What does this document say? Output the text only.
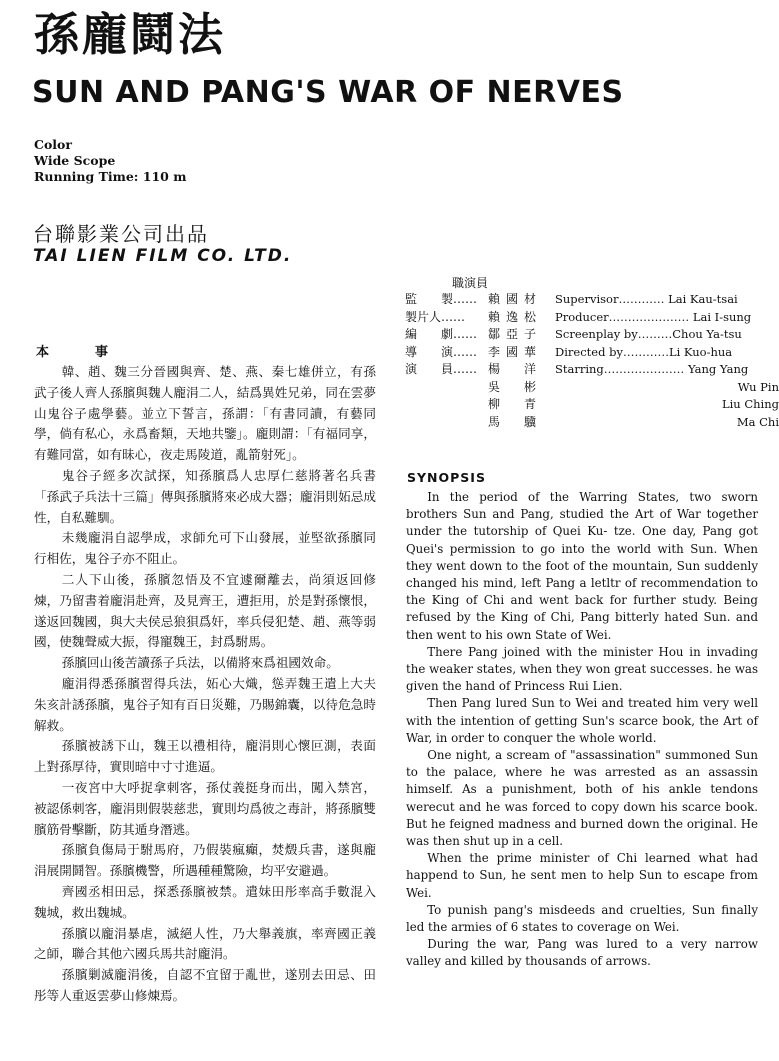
孫龐鬪法
SUN AND PANG'S WAR OF NERVES
Color
Wide Scope
Running Time: 110 m
台聯影業公司出品
TAI LIEN FILM CO. LTD.
職演員
監　　製…… 賴國材 Supervisor………… Lai Kau-tsai
製片人…… 賴逸松 Producer………………… Lai I-sung
編　　劇…… 鄒亞子 Screenplay by………Chou Ya-tsu
導　　演…… 李國華 Directed by…………Li Kuo-hua
演　　員…… 楊　洋 Starring………………… Yang Yang
吳　彬	Wu Pin
柳　青	Liu Ching
馬　驥	Ma Chi
本	事

韓、趙、魏三分晉國與齊、楚、燕、秦七雄併立，有孫武子後人齊人孫臏與魏人龐涓二人，結爲異姓兄弟，同在雲夢山鬼谷子處學藝。並立下誓言，孫謂：「有書同讀，有藝同學，倘有私心，永爲畜類，天地共鑒」。龐則謂：「有福同享，有難同當，如有昧心，夜走馬陵道，亂箭射死」。

鬼谷子經多次試探，知孫臏爲人忠厚仁慈將著名兵書「孫武子兵法十三篇」傳與孫臏將來必成大器；龐涓則妬忌成性，自私難馴。

未幾龐涓自認學成，求師允可下山發展，並堅欲孫臏同行相佐，鬼谷子亦不阻止。

二人下山後，孫臏忽悟及不宜遽爾離去，尚須返回修煉，乃留書着龐涓赴齊，及見齊王，遭拒用，於是對孫懷恨，遂返回魏國，與大夫侯忌狼狽爲奸，率兵侵犯楚、趙、燕等弱國，使魏聲威大振，得寵魏王，封爲駙馬。

孫臏回山後苦讀孫子兵法，以備將來爲祖國效命。

龐涓得悉孫臏習得兵法，妬心大熾，慫弄魏王遣上大夫朱亥計誘孫臏，鬼谷子知有百日災難，乃賜錦囊，以待危急時解救。

孫臏被誘下山，魏王以禮相待，龐涓則心懷叵測，表面上對孫厚待，實則暗中寸寸進逼。

一夜宮中大呼捉拿刺客，孫仗義挺身而出，闖入禁宮，被認係刺客，龐涓則假裝慈悲，實則均爲彼之毒計，將孫臏雙臏筋骨擊斷，防其遁身潛逃。

孫臏負傷局于駙馬府，乃假裝瘋癲，焚燬兵書，遂與龐涓展開鬪智。孫臏機警，所遇種種驚險，均平安避過。

齊國丞相田忌，探悉孫臏被禁。遣妹田彤率高手數混入魏城，救出魏城。

孫臏以龐涓暴虐，滅絕人性，乃大舉義旗，率齊國正義之師，聯合其他六國兵馬共討龐涓。

孫臏剿滅龐涓後，自認不宜留于亂世，遂別去田忌、田彤等人重返雲夢山修煉焉。

SYNOPSIS

In the period of the Warring States, two sworn brothers Sun and Pang, studied the Art of War together under the tutorship of Quei Ku- tze. One day, Pang got Quei's permission to go into the world with Sun. When they went down to the foot of the mountain, Sun suddenly changed his mind, left Pang a letltr of recommendation to the King of Chi and went back for further study. Being refused by the King of Chi, Pang bitterly hated Sun. and then went to his own State of Wei.

There Pang joined with the minister Hou in invading the weaker states, when they won great successes. he was given the hand of Princess Rui Lien.

Then Pang lured Sun to Wei and treated him very well with the intention of getting Sun's scarce book, the Art of War, in order to conquer the whole world.

One night, a scream of "assassination" summoned Sun to the palace, where he was arrested as an assassin himself. As a punishment, both of his ankle tendons werecut and he was forced to copy down his scarce book. But he feigned madness and burned down the original. He was then shut up in a cell.

When the prime minister of Chi learned what had happend to Sun, he sent men to help Sun to escape from Wei.

To punish pang's misdeeds and cruelties, Sun finally led the armies of 6 states to coverage on Wei.

During the war, Pang was lured to a very narrow valley and killed by thousands of arrows.
